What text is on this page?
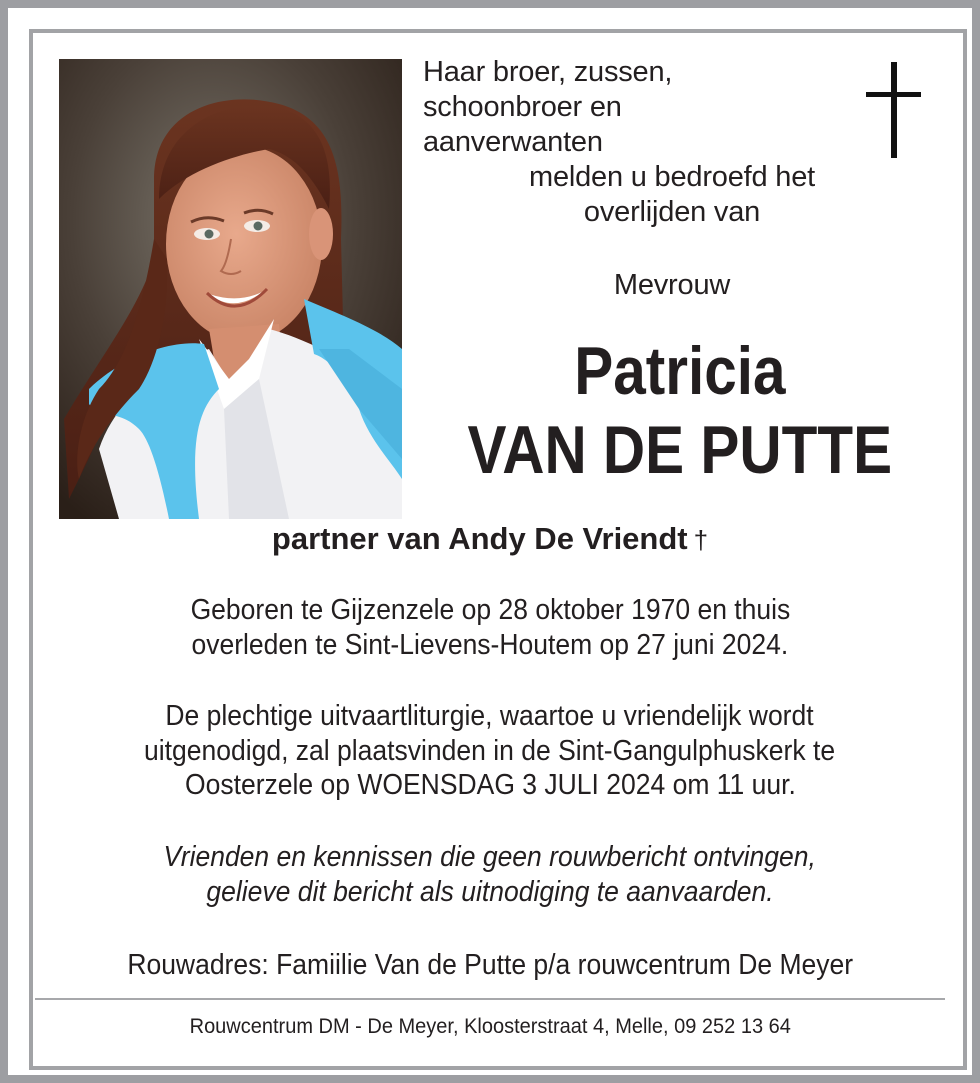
Haar broer, zussen,
schoonbroer en
aanverwanten
melden u bedroefd het
overlijden van
Mevrouw
Patricia
VAN DE PUTTE
partner van Andy De Vriendt †
Geboren te Gijzenzele op 28 oktober 1970 en thuis
overleden te Sint-Lievens-Houtem op 27 juni 2024.
De plechtige uitvaartliturgie, waartoe u vriendelijk wordt
uitgenodigd, zal plaatsvinden in de Sint-Gangulphuskerk te
Oosterzele op WOENSDAG 3 JULI 2024 om 11 uur.
Vrienden en kennissen die geen rouwbericht ontvingen,
gelieve dit bericht als uitnodiging te aanvaarden.
Rouwadres: Famiilie Van de Putte p/a rouwcentrum De Meyer
Rouwcentrum DM - De Meyer, Kloosterstraat 4, Melle, 09 252 13 64
